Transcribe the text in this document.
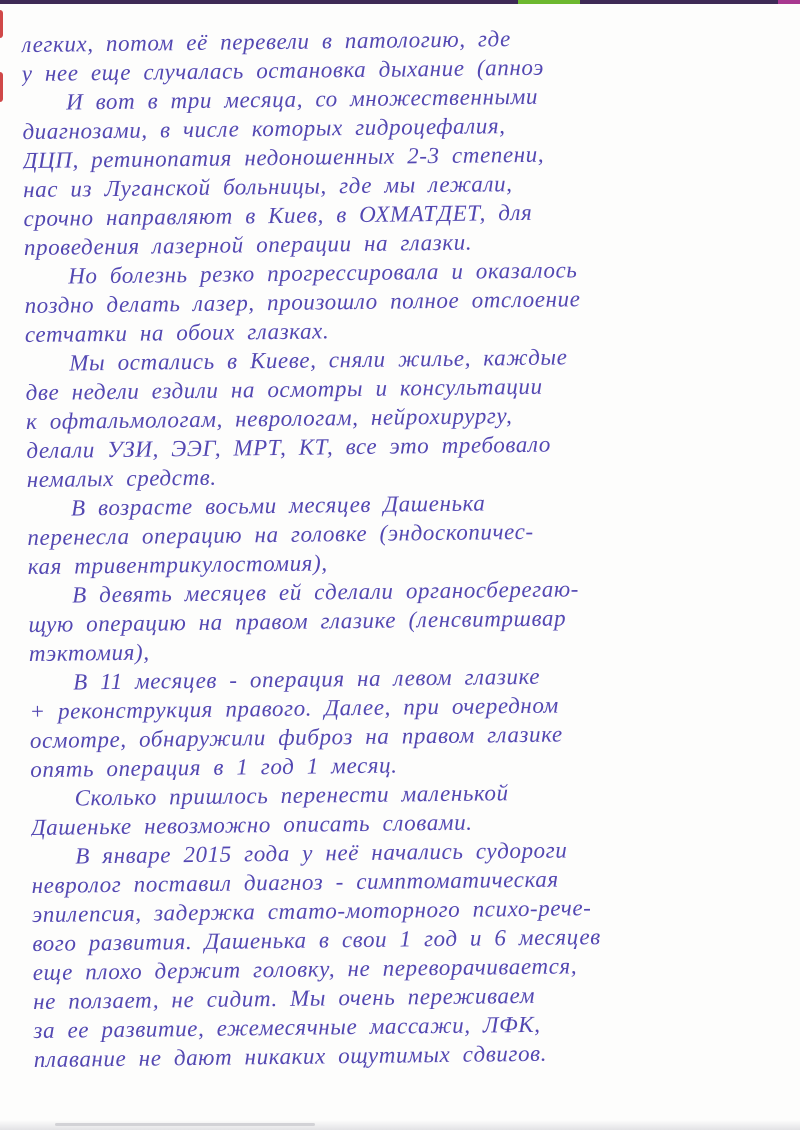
легких, потом её перевели в патологию, где
у нее еще случалась остановка дыхание (апноэ
И вот в три месяца, со множественными
диагнозами, в числе которых гидроцефалия,
ДЦП, ретинопатия недоношенных 2-3 степени,
нас из Луганской больницы, где мы лежали,
срочно направляют в Киев, в ОХМАТДЕТ, для
проведения лазерной операции на глазки.
Но болезнь резко прогрессировала и оказалось
поздно делать лазер, произошло полное отслоение
сетчатки на обоих глазках.
Мы остались в Киеве, сняли жилье, каждые
две недели ездили на осмотры и консультации
к офтальмологам, неврологам, нейрохирургу,
делали УЗИ, ЭЭГ, МРТ, КТ, все это требовало
немалых средств.
В возрасте восьми месяцев Дашенька
перенесла операцию на головке (эндоскопичес-
кая тривентрикулостомия),
В девять месяцев ей сделали органосберегаю-
щую операцию на правом глазике (ленсвитршвар
тэктомия),
В 11 месяцев - операция на левом глазике
+ реконструкция правого. Далее, при очередном
осмотре, обнаружили фиброз на правом глазике
опять операция в 1 год 1 месяц.
Сколько пришлось перенести маленькой
Дашеньке невозможно описать словами.
В январе 2015 года у неё начались судороги
невролог поставил диагноз - симптоматическая
эпилепсия, задержка стато-моторного психо-рече-
вого развития. Дашенька в свои 1 год и 6 месяцев
еще плохо держит головку, не переворачивается,
не ползает, не сидит. Мы очень переживаем
за ее развитие, ежемесячные массажи, ЛФК,
плавание не дают никаких ощутимых сдвигов.
